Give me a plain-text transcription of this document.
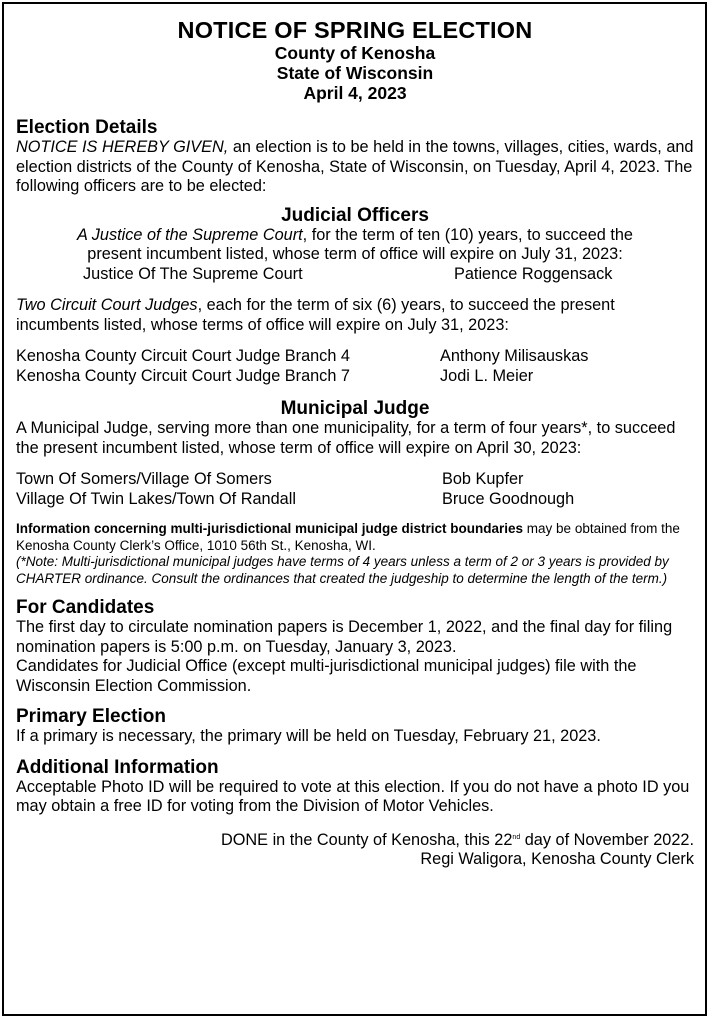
NOTICE OF SPRING ELECTION
County of Kenosha
State of Wisconsin
April 4, 2023
Election Details
NOTICE IS HEREBY GIVEN, an election is to be held in the towns, villages, cities, wards, and election districts of the County of Kenosha, State of Wisconsin, on Tuesday, April 4, 2023. The following officers are to be elected:
Judicial Officers
A Justice of the Supreme Court, for the term of ten (10) years, to succeed the
present incumbent listed, whose term of office will expire on July 31, 2023:
Justice Of The Supreme Court	Patience Roggensack
Two Circuit Court Judges, each for the term of six (6) years, to succeed the present incumbents listed, whose terms of office will expire on July 31, 2023:
Kenosha County Circuit Court Judge Branch 4	Anthony Milisauskas
Kenosha County Circuit Court Judge Branch 7	Jodi L. Meier
Municipal Judge
A Municipal Judge, serving more than one municipality, for a term of four years*, to succeed the present incumbent listed, whose term of office will expire on April 30, 2023:
Town Of Somers/Village Of Somers	Bob Kupfer
Village Of Twin Lakes/Town Of Randall	Bruce Goodnough
Information concerning multi-jurisdictional municipal judge district boundaries may be obtained from the Kenosha County Clerk’s Office, 1010 56th St., Kenosha, WI.
(*Note: Multi-jurisdictional municipal judges have terms of 4 years unless a term of 2 or 3 years is provided by CHARTER ordinance. Consult the ordinances that created the judgeship to determine the length of the term.)
For Candidates
The first day to circulate nomination papers is December 1, 2022, and the final day for filing nomination papers is 5:00 p.m. on Tuesday, January 3, 2023.
Candidates for Judicial Office (except multi-jurisdictional municipal judges) file with the Wisconsin Election Commission.
Primary Election
If a primary is necessary, the primary will be held on Tuesday, February 21, 2023.
Additional Information
Acceptable Photo ID will be required to vote at this election. If you do not have a photo ID you may obtain a free ID for voting from the Division of Motor Vehicles.
DONE in the County of Kenosha, this 22nd day of November 2022.
Regi Waligora, Kenosha County Clerk
